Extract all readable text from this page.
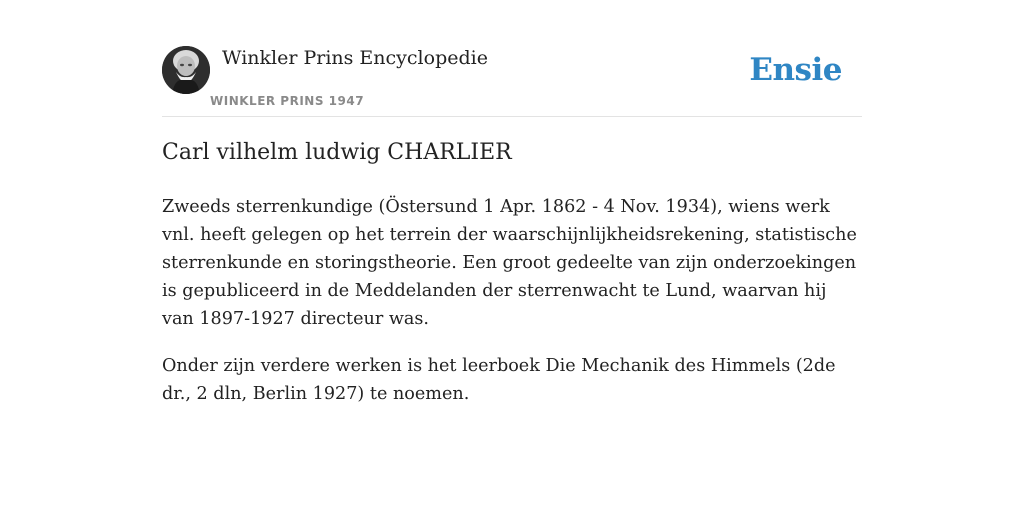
Winkler Prins Encyclopedie
WINKLER PRINS 1947
Ensie
Carl vilhelm ludwig CHARLIER

Zweeds sterrenkundige (Östersund 1 Apr. 1862 - 4 Nov. 1934), wiens werk vnl. heeft gelegen op het terrein der waarschijnlijkheidsrekening, statistische sterrenkunde en storingstheorie. Een groot gedeelte van zijn onderzoekingen is gepubliceerd in de Meddelanden der sterrenwacht te Lund, waarvan hij van 1897-1927 directeur was.

Onder zijn verdere werken is het leerboek Die Mechanik des Himmels (2de dr., 2 dln, Berlin 1927) te noemen.
